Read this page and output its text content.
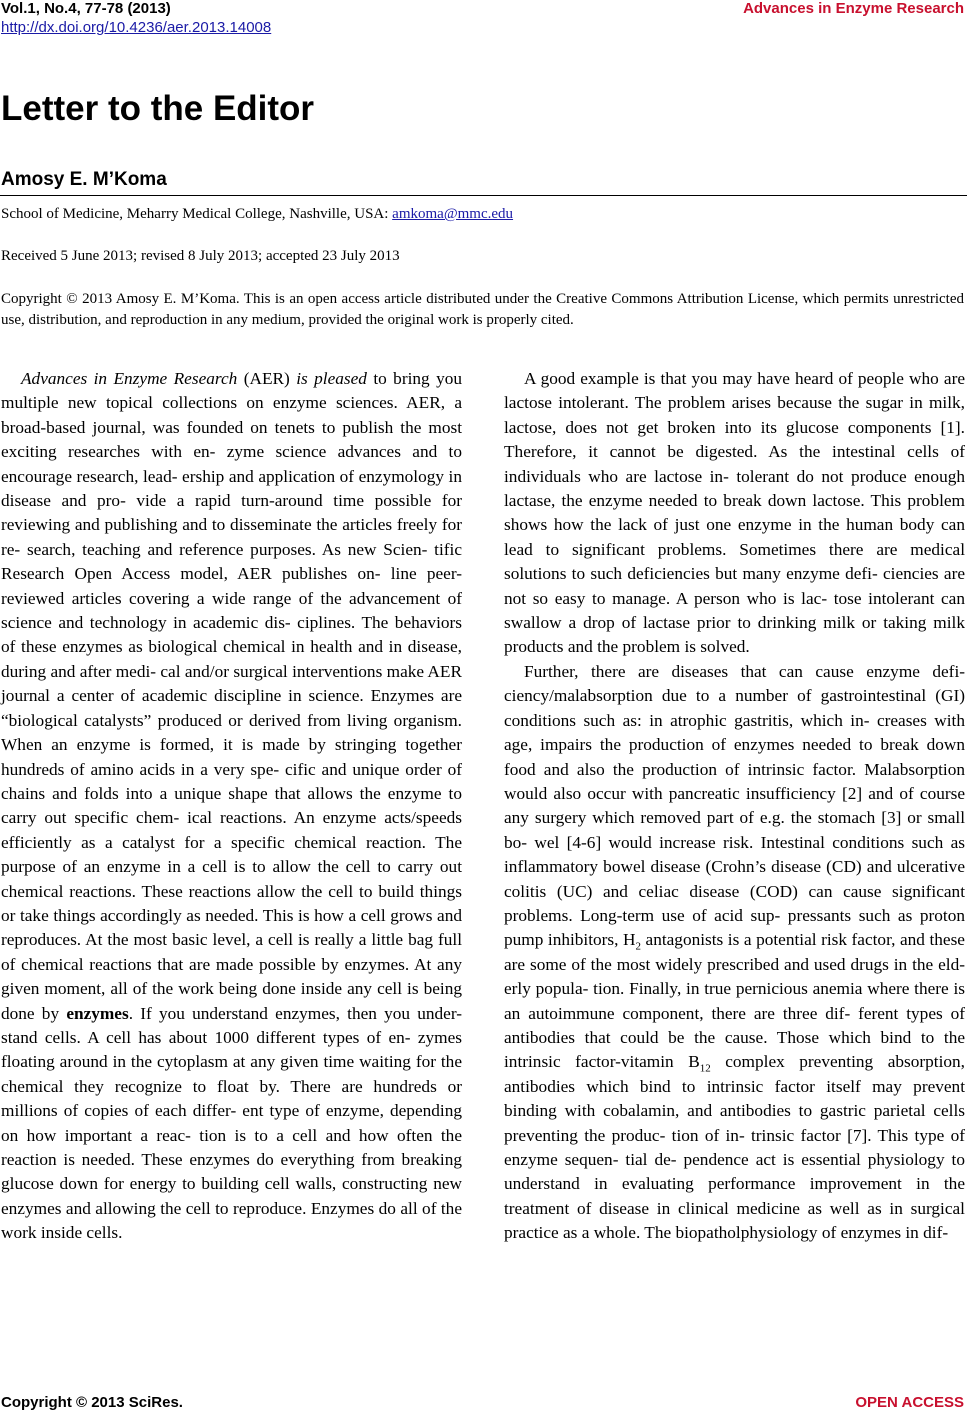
Vol.1, No.4, 77-78 (2013)
http://dx.doi.org/10.4236/aer.2013.14008
Advances in Enzyme Research
Letter to the Editor
Amosy E. M’Koma
School of Medicine, Meharry Medical College, Nashville, USA: amkoma@mmc.edu
Received 5 June 2013; revised 8 July 2013; accepted 23 July 2013
Copyright © 2013 Amosy E. M’Koma. This is an open access article distributed under the Creative Commons Attribution License, which permits unrestricted use, distribution, and reproduction in any medium, provided the original work is properly cited.

Advances in Enzyme Research (AER) is pleased to bring you multiple new topical collections on enzyme sciences. AER, a broad-based journal, was founded on tenets to publish the most exciting researches with en- zyme science advances and to encourage research, lead- ership and application of enzymology in disease and pro- vide a rapid turn-around time possible for reviewing and publishing and to disseminate the articles freely for re- search, teaching and reference purposes. As new Scien- tific Research Open Access model, AER publishes on- line peer-reviewed articles covering a wide range of the advancement of science and technology in academic dis- ciplines. The behaviors of these enzymes as biological chemical in health and in disease, during and after medi- cal and/or surgical interventions make AER journal a center of academic discipline in science. Enzymes are “biological catalysts” produced or derived from living organism. When an enzyme is formed, it is made by stringing together hundreds of amino acids in a very spe- cific and unique order of chains and folds into a unique shape that allows the enzyme to carry out specific chem- ical reactions. An enzyme acts/speeds efficiently as a catalyst for a specific chemical reaction. The purpose of an enzyme in a cell is to allow the cell to carry out chemical reactions. These reactions allow the cell to build things or take things accordingly as needed. This is how a cell grows and reproduces. At the most basic level, a cell is really a little bag full of chemical reactions that are made possible by enzymes. At any given moment, all of the work being done inside any cell is being done by enzymes. If you understand enzymes, then you under- stand cells. A cell has about 1000 different types of en- zymes floating around in the cytoplasm at any given time waiting for the chemical they recognize to float by. There are hundreds or millions of copies of each differ- ent type of enzyme, depending on how important a reac- tion is to a cell and how often the reaction is needed. These enzymes do everything from breaking glucose down for energy to building cell walls, constructing new enzymes and allowing the cell to reproduce. Enzymes do all of the work inside cells.

A good example is that you may have heard of people who are lactose intolerant. The problem arises because the sugar in milk, lactose, does not get broken into its glucose components [1]. Therefore, it cannot be digested. As the intestinal cells of individuals who are lactose in- tolerant do not produce enough lactase, the enzyme needed to break down lactose. This problem shows how the lack of just one enzyme in the human body can lead to significant problems. Sometimes there are medical solutions to such deficiencies but many enzyme defi- ciencies are not so easy to manage. A person who is lac- tose intolerant can swallow a drop of lactase prior to drinking milk or taking milk products and the problem is solved.

Further, there are diseases that can cause enzyme defi- ciency/malabsorption due to a number of gastrointestinal (GI) conditions such as: in atrophic gastritis, which in- creases with age, impairs the production of enzymes needed to break down food and also the production of intrinsic factor. Malabsorption would also occur with pancreatic insufficiency [2] and of course any surgery which removed part of e.g. the stomach [3] or small bo- wel [4-6] would increase risk. Intestinal conditions such as inflammatory bowel disease (Crohn’s disease (CD) and ulcerative colitis (UC) and celiac disease (COD) can cause significant problems. Long-term use of acid sup- pressants such as proton pump inhibitors, $H_2$ antagonists is a potential risk factor, and these are some of the most widely prescribed and used drugs in the eld- erly popula- tion. Finally, in true pernicious anemia where there is an autoimmune component, there are three dif- ferent types of antibodies that could be the cause. Those which bind to the intrinsic factor-vitamin $B_{12}$ complex preventing absorption, antibodies which bind to intrinsic factor itself may prevent binding with cobalamin, and antibodies to gastric parietal cells preventing the produc- tion of in- trinsic factor [7]. This type of enzyme sequen- tial de- pendence act is essential physiology to understand in evaluating performance improvement in the treatment of disease in clinical medicine as well as in surgical practice as a whole. The biopatholphysiology of enzymes in dif-

Copyright © 2013 SciRes.	OPEN ACCESS
